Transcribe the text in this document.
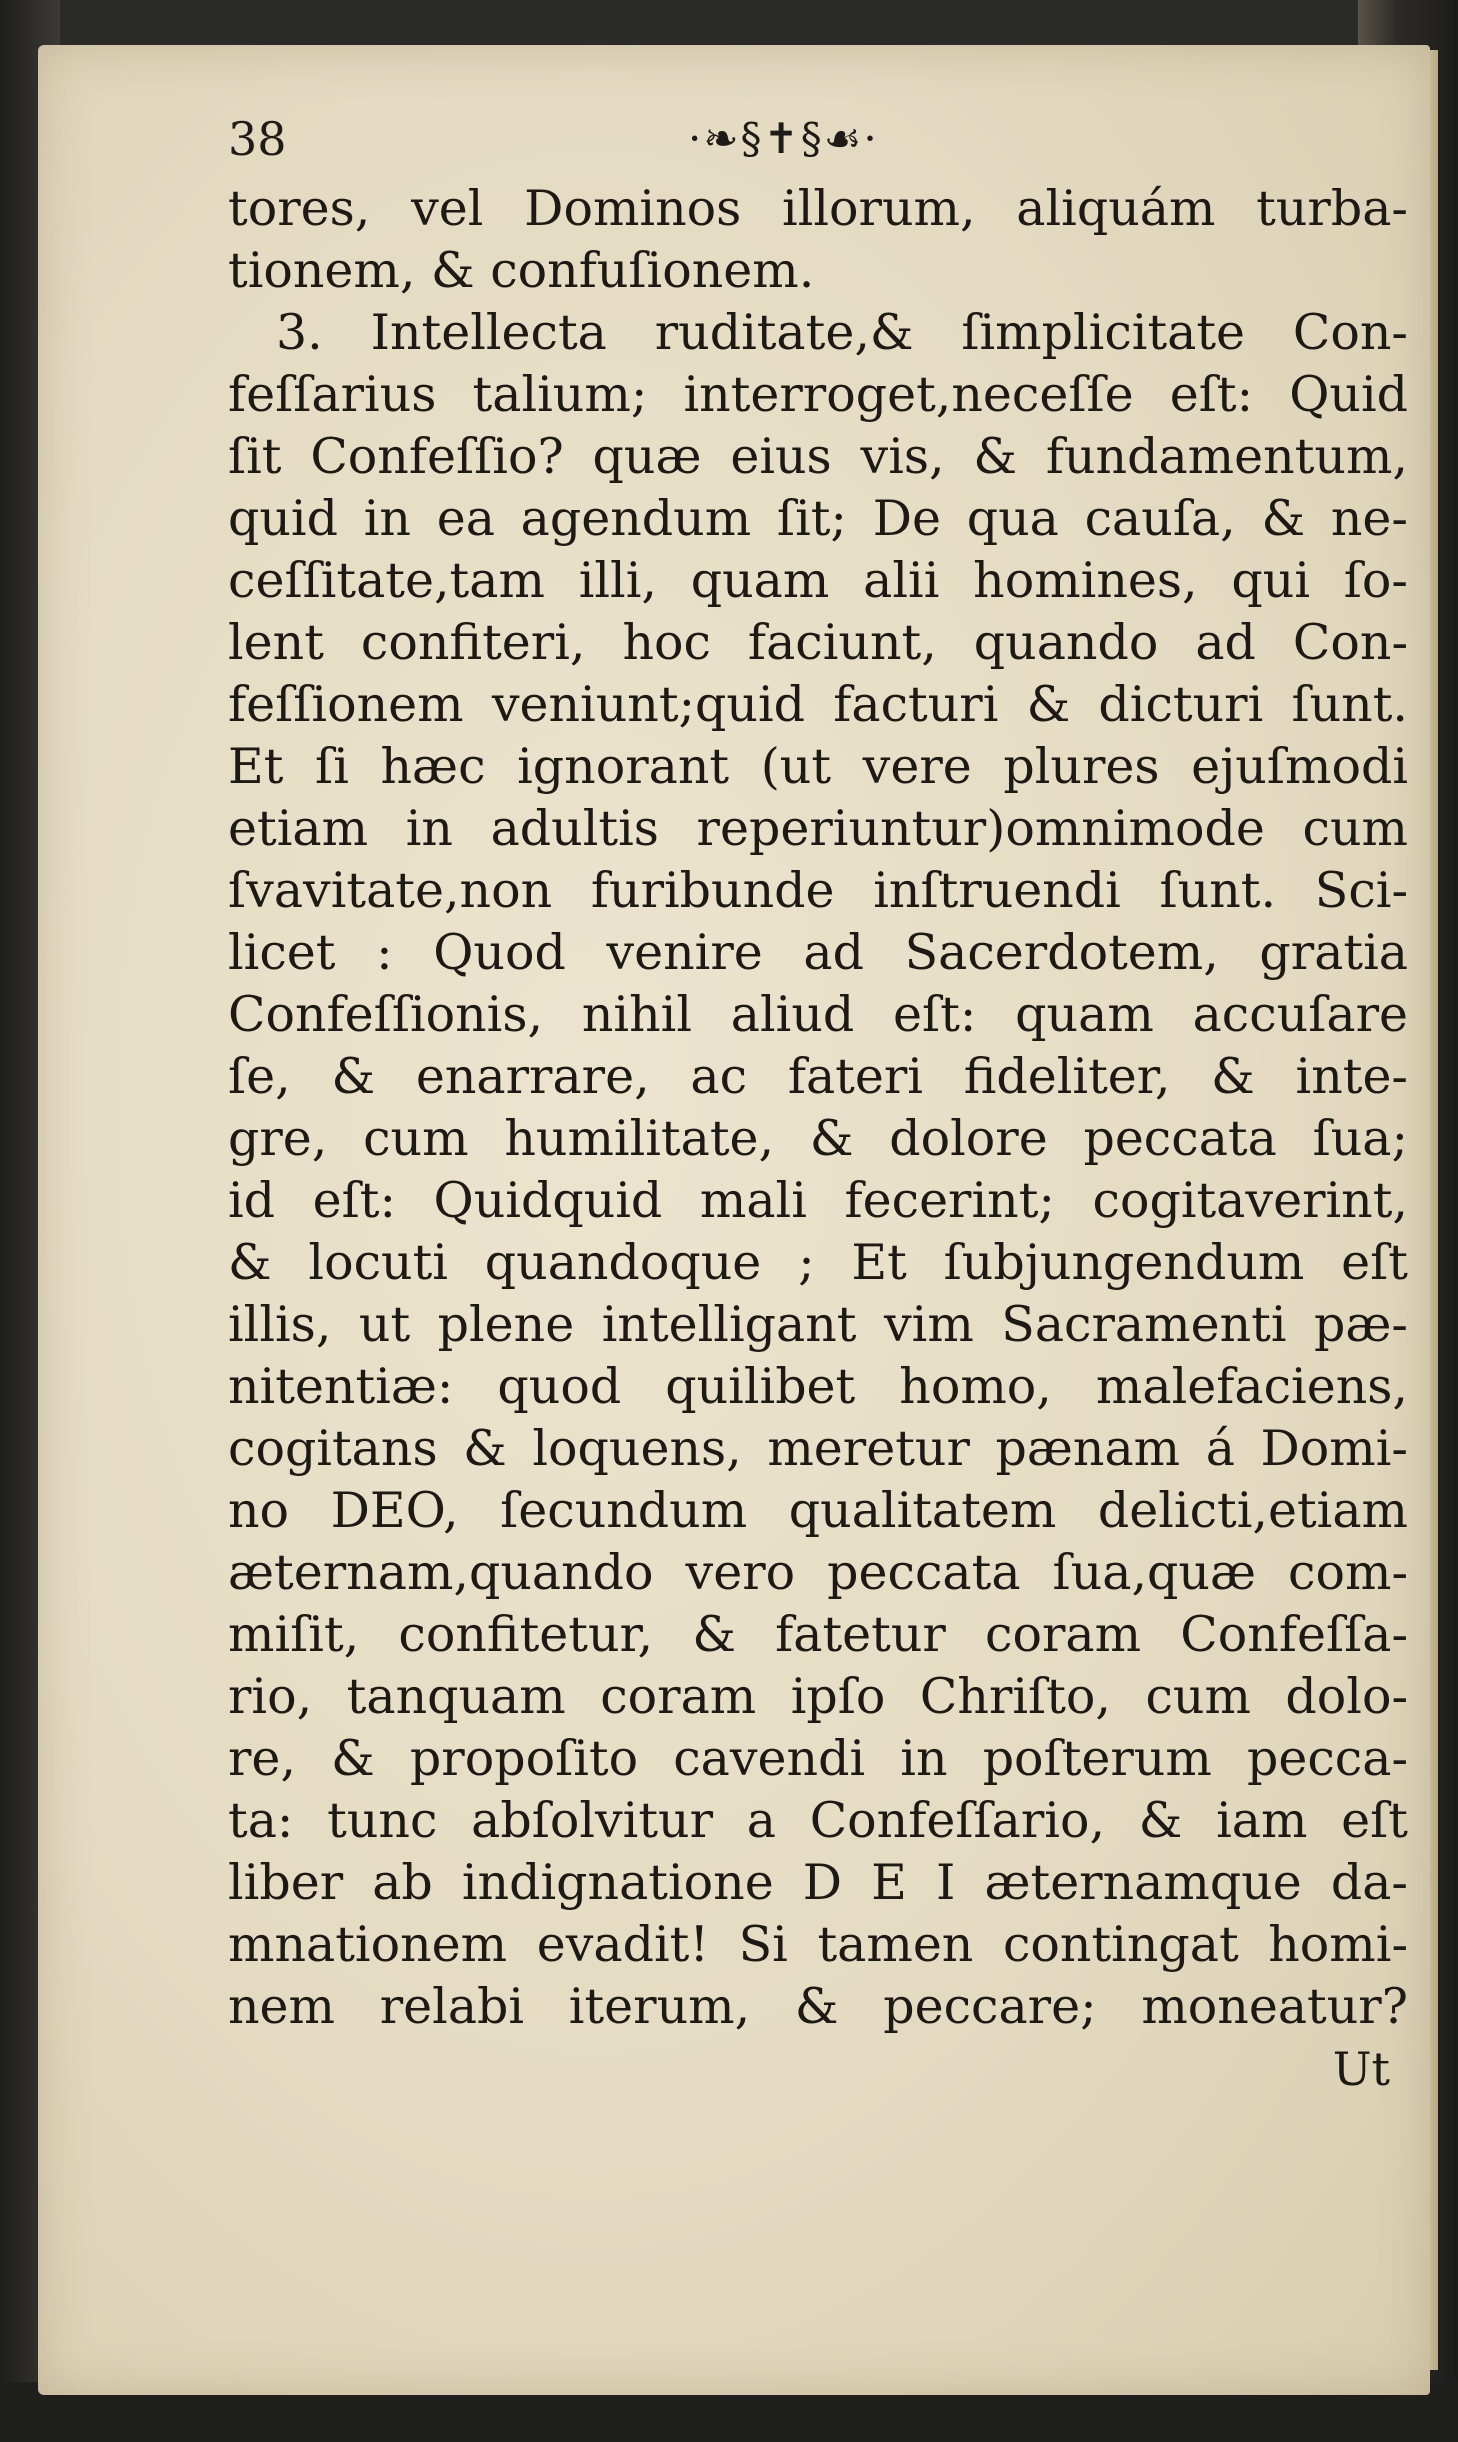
38	·❧§✝§☙·
tores, vel Dominos illorum, aliquám turba-
tionem, & confuſionem.
3. Intellecta ruditate,& ſimplicitate Con-
feſſarius talium; interroget,neceſſe eſt: Quid
ſit Confeſſio? quæ eius vis, & fundamentum,
quid in ea agendum ſit; De qua cauſa, & ne-
ceſſitate,tam illi, quam alii homines, qui ſo-
lent confiteri, hoc faciunt, quando ad Con-
feſſionem veniunt;quid facturi & dicturi ſunt.
Et ſi hæc ignorant (ut vere plures ejuſmodi
etiam in adultis reperiuntur)omnimode cum
ſvavitate,non furibunde inſtruendi ſunt. Sci-
licet : Quod venire ad Sacerdotem, gratia
Confeſſionis, nihil aliud eſt: quam accuſare
ſe, & enarrare, ac fateri fideliter, & inte-
gre, cum humilitate, & dolore peccata ſua;
id eſt: Quidquid mali fecerint; cogitaverint,
& locuti quandoque ; Et ſubjungendum eſt
illis, ut plene intelligant vim Sacramenti pæ-
nitentiæ: quod quilibet homo, malefaciens,
cogitans & loquens, meretur pænam á Domi-
no DEO, ſecundum qualitatem delicti,etiam
æternam,quando vero peccata ſua,quæ com-
miſit, confitetur, & fatetur coram Confeſſa-
rio, tanquam coram ipſo Chriſto, cum dolo-
re, & propoſito cavendi in poſterum pecca-
ta: tunc abſolvitur a Confeſſario, & iam eſt
liber ab indignatione D E I æternamque da-
mnationem evadit! Si tamen contingat homi-
nem relabi iterum, & peccare; moneatur?
Ut
